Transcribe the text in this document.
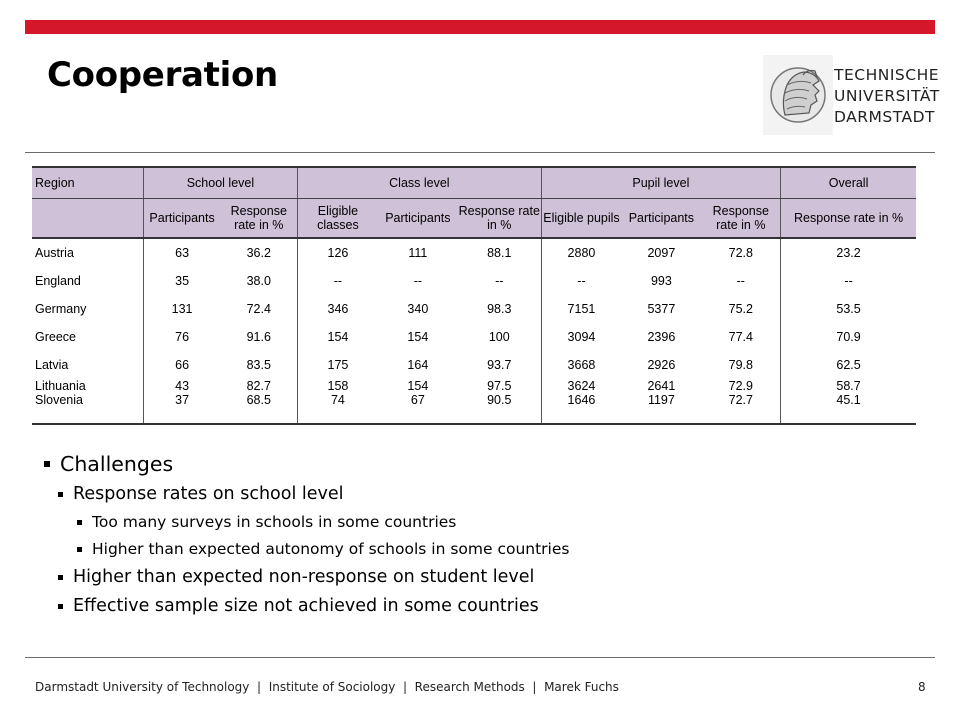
Cooperation	TECHNISCHE
UNIVERSITÄT
DARMSTADT
Region	School level		Class level			Pupil level			Overall
	Participants	Response rate in %	Eligible classes	Participants	Response rate in %	Eligible pupils	Participants	Response rate in %	Response rate in %
Austria	63	36.2	126	111	88.1	2880	2097	72.8	23.2
England	35	38.0	--	--	--	--	993	--	--
Germany	131	72.4	346	340	98.3	7151	5377	75.2	53.5
Greece	76	91.6	154	154	100	3094	2396	77.4	70.9
Latvia	66	83.5	175	164	93.7	3668	2926	79.8	62.5
Lithuania	43	82.7	158	154	97.5	3624	2641	72.9	58.7
Slovenia	37	68.5	74	67	90.5	1646	1197	72.7	45.1
Challenges
Response rates on school level
Too many surveys in schools in some countries
Higher than expected autonomy of schools in some countries
Higher than expected non-response on student level
Effective sample size not achieved in some countries
Darmstadt University of Technology  |  Institute of Sociology  |  Research Methods  |  Marek Fuchs	8
